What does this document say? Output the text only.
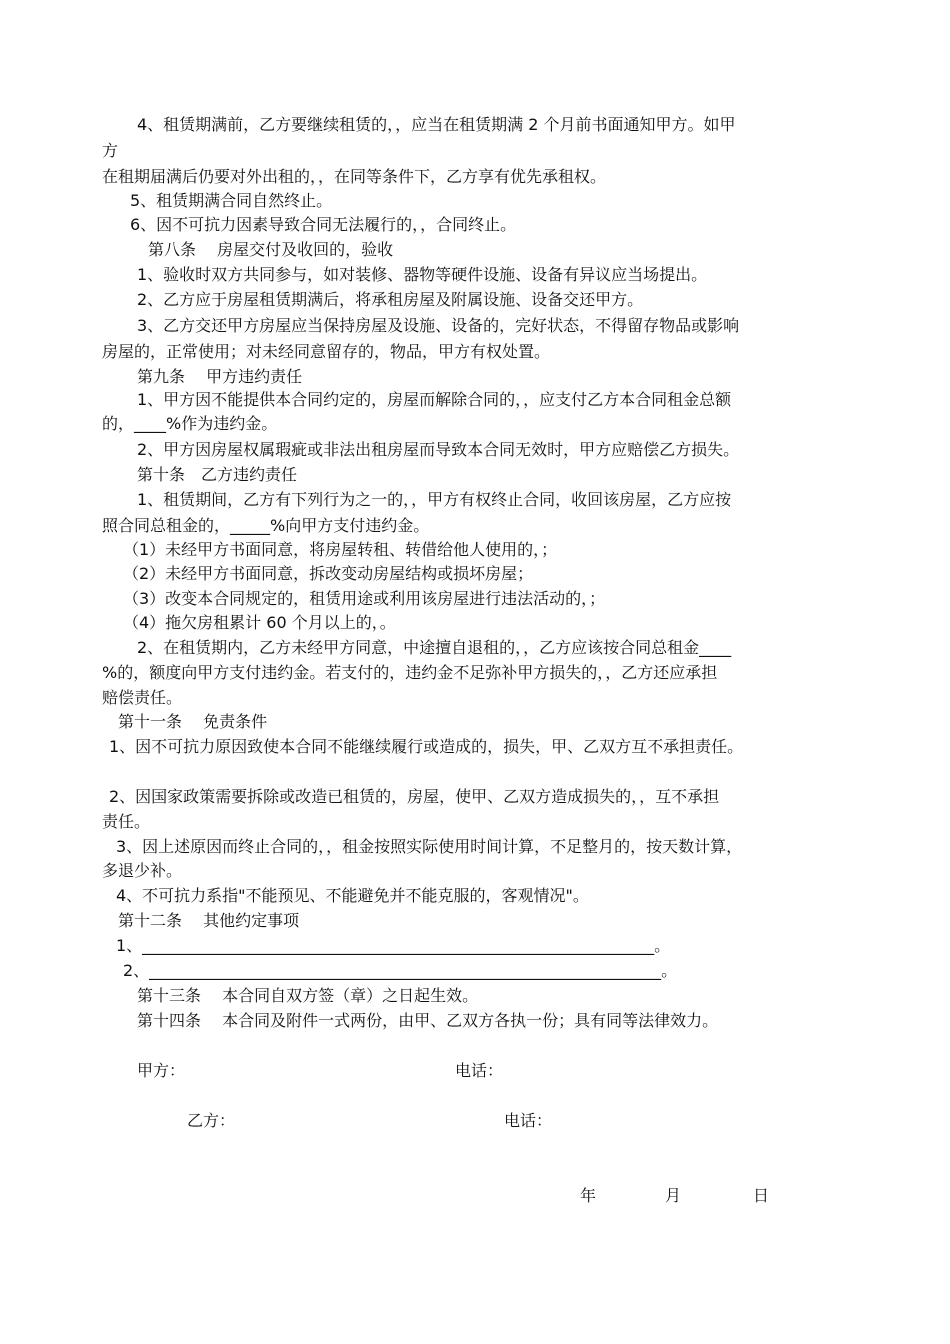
4、租赁期满前，乙方要继续租赁的，，应当在租赁期满 2 个月前书面通知甲方。如甲
方
在租期届满后仍要对外出租的，，在同等条件下，乙方享有优先承租权。
5、租赁期满合同自然终止。
6、因不可抗力因素导致合同无法履行的，，合同终止。
第八条　 房屋交付及收回的，验收
1、验收时双方共同参与，如对装修、器物等硬件设施、设备有异议应当场提出。
2、乙方应于房屋租赁期满后，将承租房屋及附属设施、设备交还甲方。
3、乙方交还甲方房屋应当保持房屋及设施、设备的，完好状态，不得留存物品或影响
房屋的，正常使用；对未经同意留存的，物品，甲方有权处置。
第九条　 甲方违约责任
1、甲方因不能提供本合同约定的，房屋而解除合同的，，应支付乙方本合同租金总额
的，____%作为违约金。
2、甲方因房屋权属瑕疵或非法出租房屋而导致本合同无效时，甲方应赔偿乙方损失。
第十条　乙方违约责任
1、租赁期间，乙方有下列行为之一的，，甲方有权终止合同，收回该房屋，乙方应按
照合同总租金的，_____%向甲方支付违约金。
（1）未经甲方书面同意，将房屋转租、转借给他人使用的，；
（2）未经甲方书面同意，拆改变动房屋结构或损坏房屋；
（3）改变本合同规定的，租赁用途或利用该房屋进行违法活动的，；
（4）拖欠房租累计 60 个月以上的，。
2、在租赁期内，乙方未经甲方同意，中途擅自退租的，，乙方应该按合同总租金____
%的，额度向甲方支付违约金。若支付的，违约金不足弥补甲方损失的，，乙方还应承担
赔偿责任。
第十一条　 免责条件
1、因不可抗力原因致使本合同不能继续履行或造成的，损失，甲、乙双方互不承担责任。
2、因国家政策需要拆除或改造已租赁的，房屋，使甲、乙双方造成损失的，，互不承担
责任。
3、因上述原因而终止合同的，，租金按照实际使用时间计算，不足整月的，按天数计算，
多退少补。
4、不可抗力系指"不能预见、不能避免并不能克服的，客观情况"。
第十二条　 其他约定事项
1、________________________________________________________________。
2、________________________________________________________________。
第十三条　 本合同自双方签（章）之日起生效。
第十四条　 本合同及附件一式两份，由甲、乙双方各执一份；具有同等法律效力。
甲方：	电话：
乙方：	电话：
年	月	日
